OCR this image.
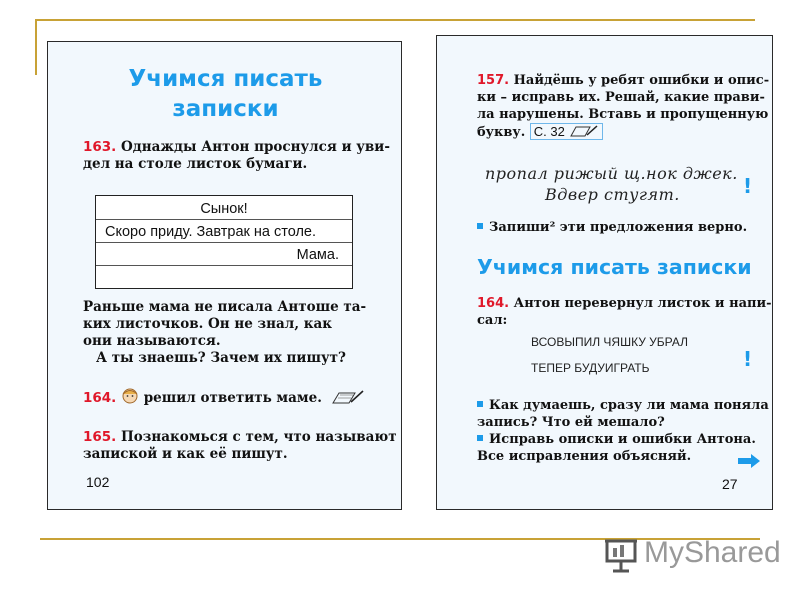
Учимся писать
записки

163. Однажды Антон проснулся и уви-

дел на столе листок бумаги.

Сынок!
Скоро приду. Завтрак на столе.
Мама.

Раньше мама не писала Антоше та-

ких листочков. Он не знал, как

они называются.

А ты знаешь? Зачем их пишут?

164. решил ответить маме.

165. Познакомься с тем, что называют

запиской и как её пишут.

102

157. Найдёшь у ребят ошибки и опис-

ки – исправь их. Решай, какие прави-

ла нарушены. Вставь и пропущенную

букву. С. 32

пропал рижый щ.нок джек.
Вдвер стугят.	!

Запиши² эти предложения верно.

Учимся писать записки

164. Антон перевернул листок и напи-

сал:

ВСОВЫПИЛ ЧЯШКУ УБРАЛ
ТЕПЕР БУДУИГРАТЬ	!

Как думаешь, сразу ли мама поняла

запись? Что ей мешало?

Исправь описки и ошибки Антона.

Все исправления объясняй.

27
MyShared
